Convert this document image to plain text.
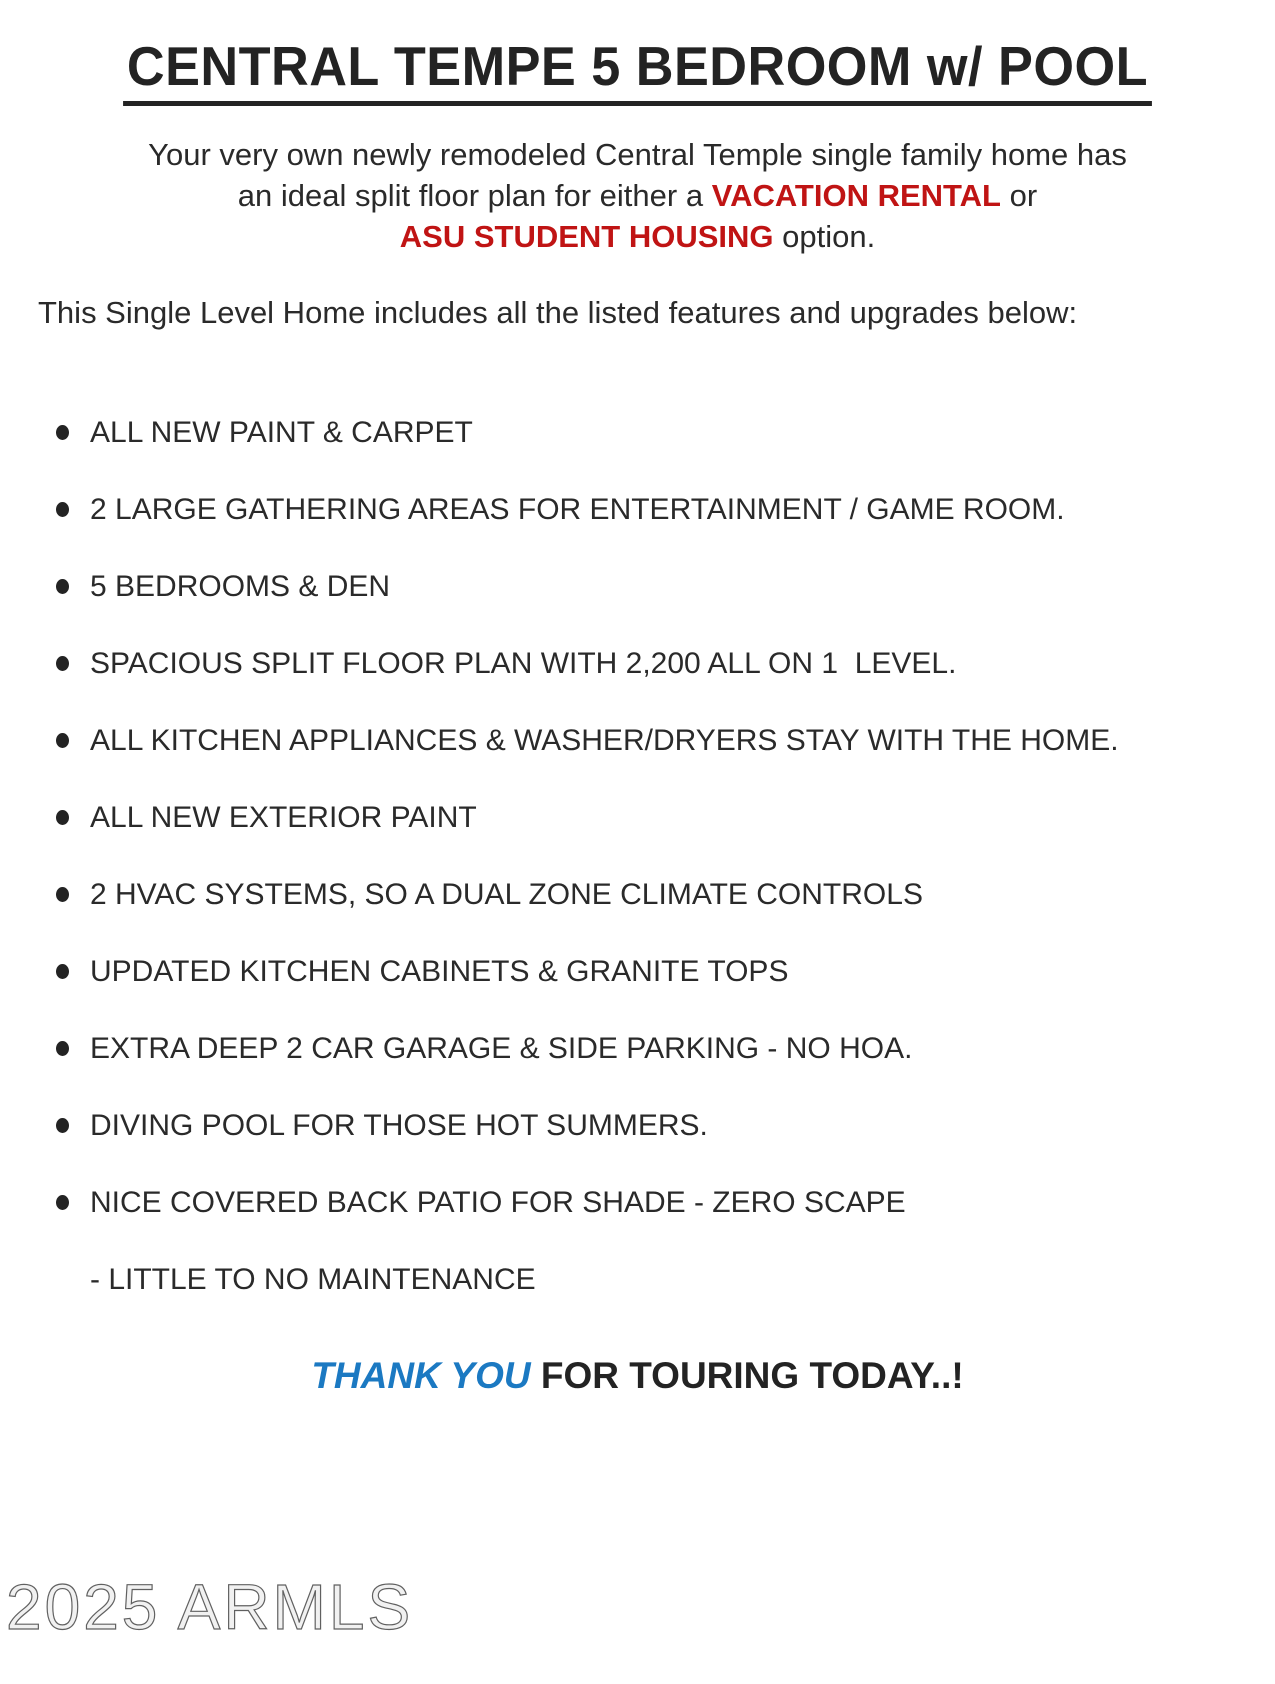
CENTRAL TEMPE 5 BEDROOM w/ POOL

Your very own newly remodeled Central Temple single family home has
an ideal split floor plan for either a VACATION RENTAL or
ASU STUDENT HOUSING option.

This Single Level Home includes all the listed features and upgrades below:

ALL NEW PAINT & CARPET
2 LARGE GATHERING AREAS FOR ENTERTAINMENT / GAME ROOM.
5 BEDROOMS & DEN
SPACIOUS SPLIT FLOOR PLAN WITH 2,200 ALL ON 1  LEVEL.
ALL KITCHEN APPLIANCES & WASHER/DRYERS STAY WITH THE HOME.
ALL NEW EXTERIOR PAINT
2 HVAC SYSTEMS, SO A DUAL ZONE CLIMATE CONTROLS
UPDATED KITCHEN CABINETS & GRANITE TOPS
EXTRA DEEP 2 CAR GARAGE & SIDE PARKING - NO HOA.
DIVING POOL FOR THOSE HOT SUMMERS.
NICE COVERED BACK PATIO FOR SHADE - ZERO SCAPE

- LITTLE TO NO MAINTENANCE

THANK YOU FOR TOURING TODAY..!

2025 ARMLS
